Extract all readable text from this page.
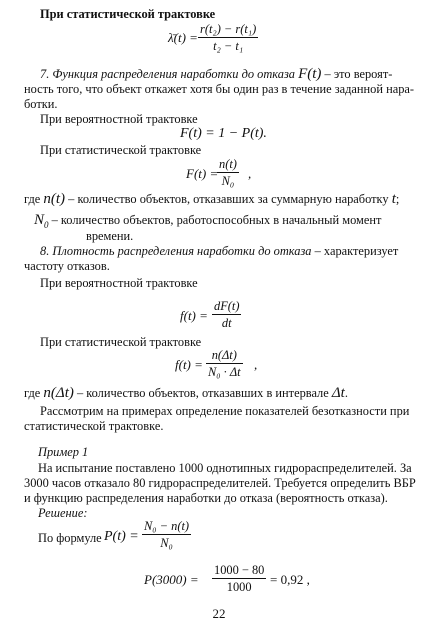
При статистической трактовке
λ̄(t) = $\frac{\text{r(t₂) − r(t₁)}}{\text{t₂ − t₁}}$
7. Функция распределения наработки до отказа F(t) – это вероят-
ность того, что объект откажет хотя бы один раз в течение заданной нара-
ботки.
При вероятностной трактовке
F(t) = 1 − P(t).
При статистической трактовке
F(t) =
$\frac{n(t)}{\text{N₀}}$ ,
где n(t) – количество объектов, отказавших за суммарную наработку t;
$N_0$ – количество объектов, работоспособных в начальный момент
времени.
8. Плотность распределения наработки до отказа – характеризует
частоту отказов.
При вероятностной трактовке
$f(t) = \frac{dF(t)}{dt}$
При статистической трактовке
$f(t) = \frac{n(\Delta t)}{\text{N₀ · Δt}}$ ,
где n(Δt) – количество объектов, отказавших в интервале Δt.
Рассмотрим на примерах определение показателей безотказности при
статистической трактовке.
Пример 1
На испытание поставлено 1000 однотипных гидрораспределителей. За
3000 часов отказало 80 гидрораспределителей. Требуется определить ВБР
и функцию распределения наработки до отказа (вероятность отказа).
Решение:
По формуле $P(t) = \frac{\text{N₀ − n(t)}}{\text{N₀}}$
$P(3000) = \frac{1000 - 80}{1000} = 0,92$ ,
22
